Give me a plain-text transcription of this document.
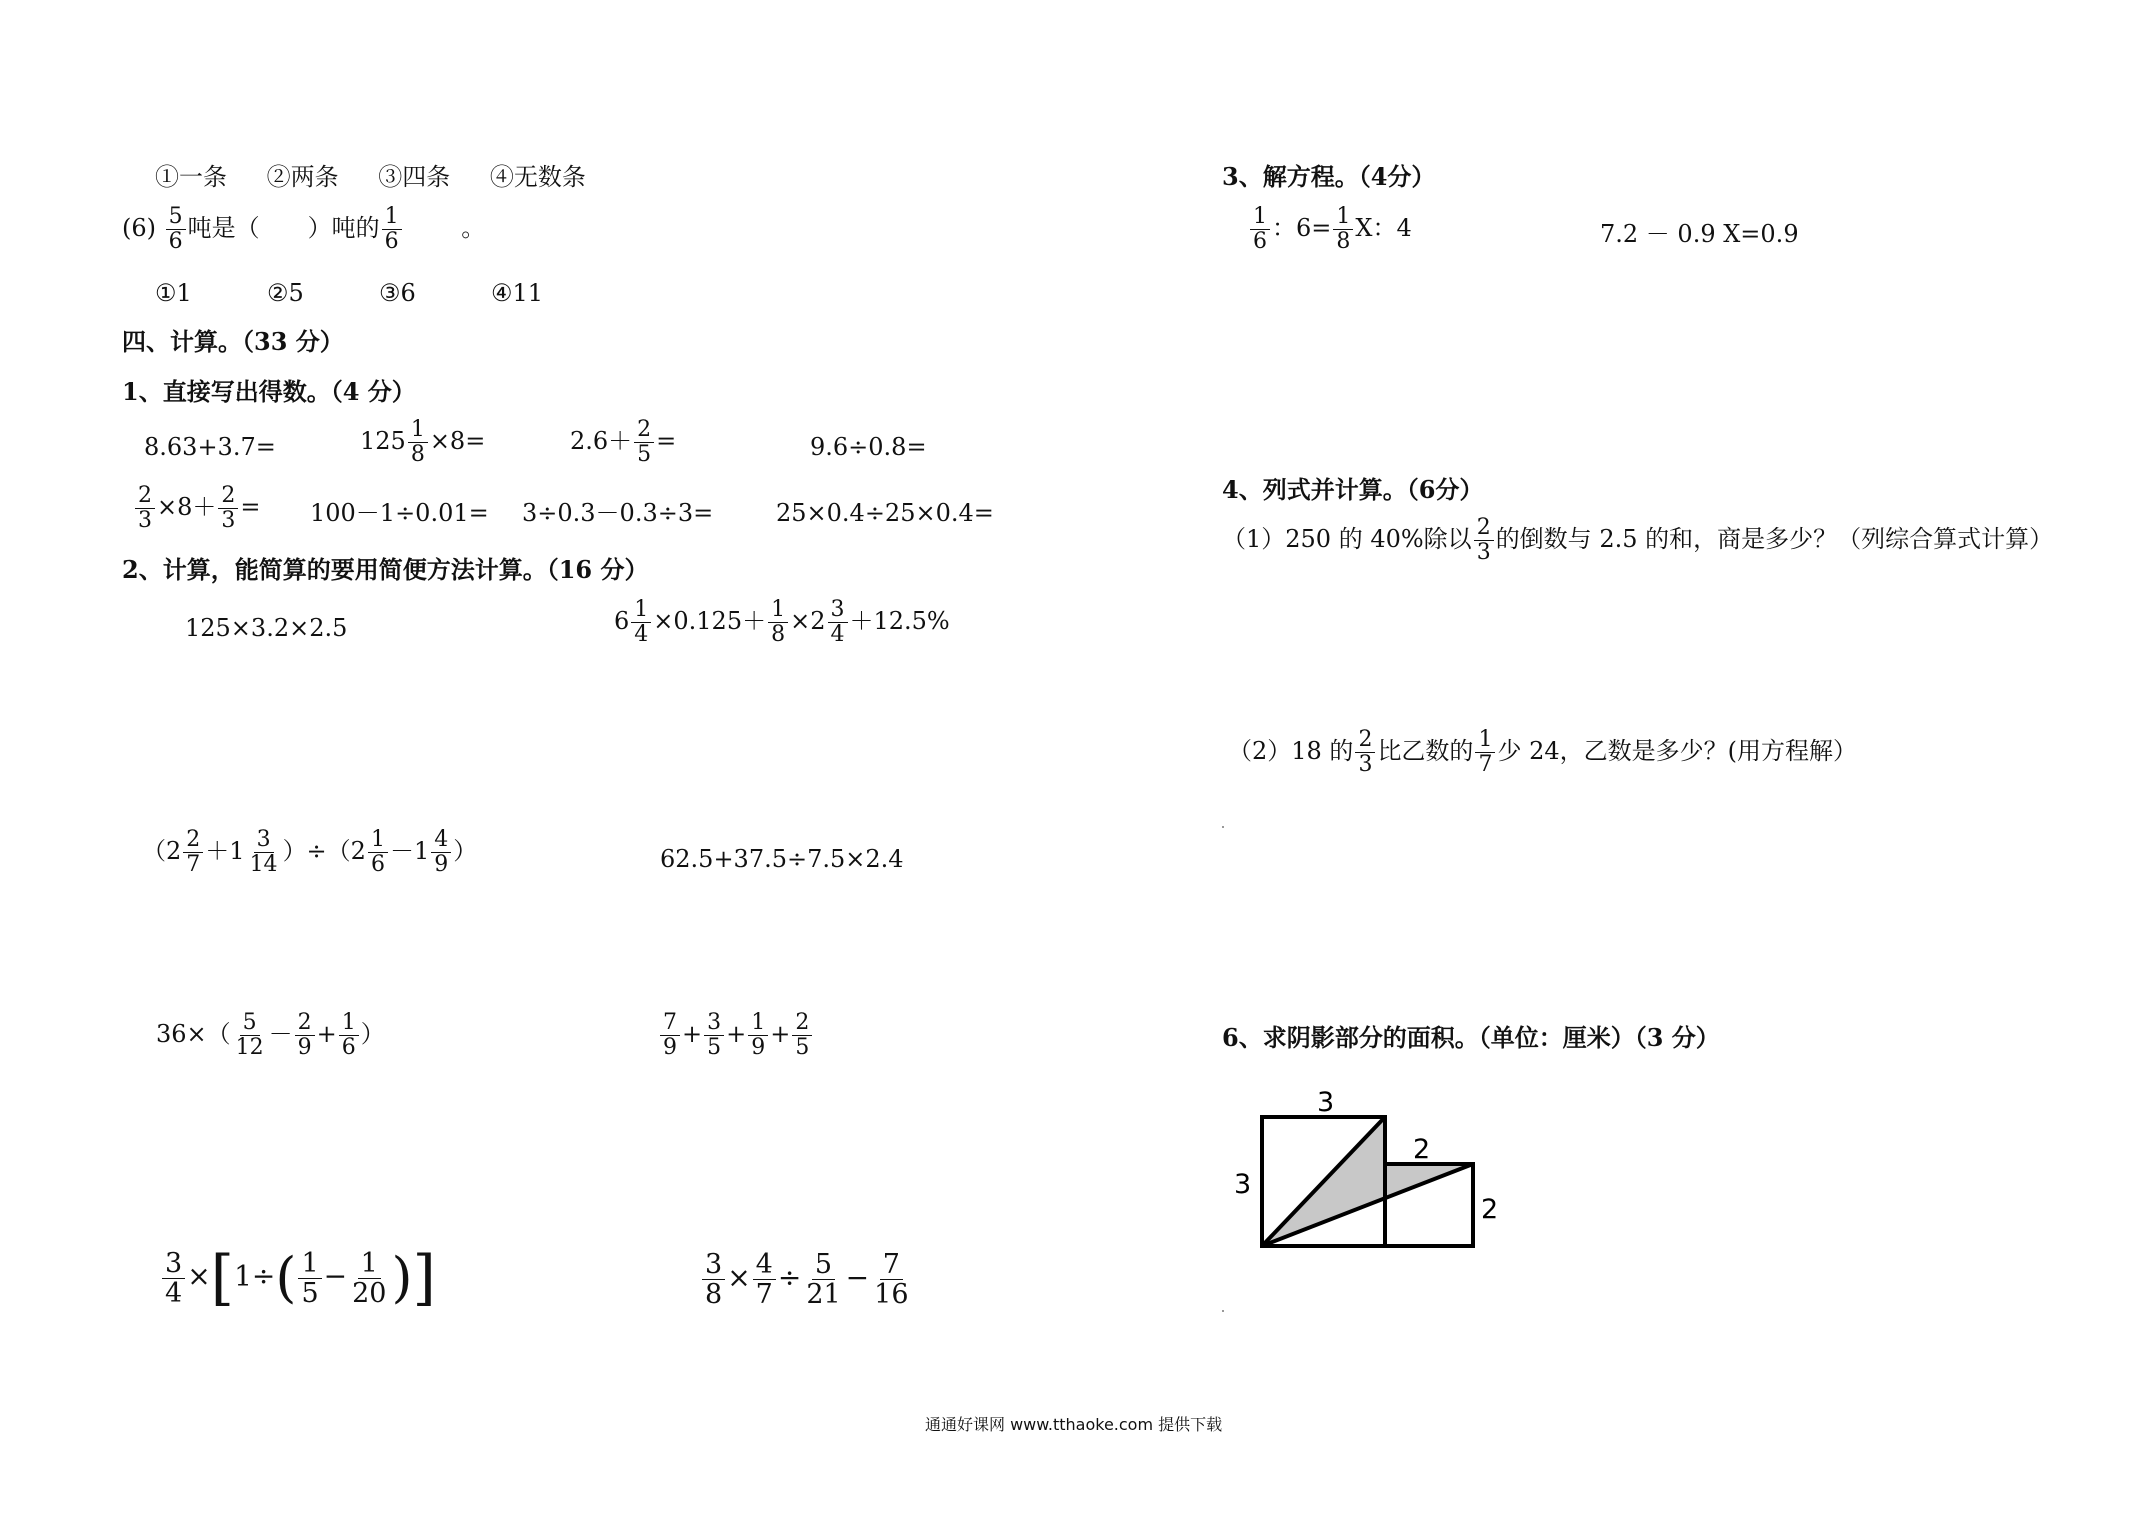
①一条 ②两条 ③四条 ④无数条
$(6) \frac{5}{6}$ 吨是（　　）吨的 $\frac{1}{6}$ 。
①1	②5	③6	④11
四、计算。（33 分）
1、直接写出得数。（4 分）
8.63+3.7=	$125 \frac{1}{8} \times 8=$	$2.6+ \frac{2}{5}$ =	9.6÷0.8=
$\frac{2}{3} \times 8+ \frac{2}{3} = 100-1\div 0.01= 3\div 0.3-0.3\div 3=$	25×0.4÷25×0.4=
2、计算，能简算的要用简便方法计算。（16 分）
125×3.2×2.5	$6 \frac{1}{4} \times 0.125+ \frac{1}{8} \times 2 \frac{3}{4} +12.5\%$
$(2 \frac{2}{7} +1 \frac{3}{14} )\div(2 \frac{1}{6} -1 \frac{4}{9}$ ）	62.5+37.5÷7.5×2.4
$36\times( \frac{5}{12} - \frac{2}{9} + \frac{1}{6}$ ）	$\frac{7}{9} + \frac{3}{5} + \frac{1}{9} + \frac{2}{5}$
$\frac{3}{4} \times[1\div( \frac{1}{5} - \frac{1}{20}$ )]	$\frac{3}{8} \times \frac{4}{7} \div \frac{5}{21} - \frac{7}{16}$
3、解方程。（4分）
$\frac{1}{6}$ ：$6= \frac{1}{8}$ X：4	7.2 － 0.9 X=0.9
4、列式并计算。（6分）
（1）250 的 40%除以 $\frac{2}{3}$ 的倒数与 2.5 的和，商是多少？（列综合算式计算）
（2）18 的 $\frac{2}{3}$ 比乙数的 $\frac{1}{7}$ 少 24，乙数是多少？(用方程解）
6、求阴影部分的面积。（单位：厘米）（3 分）
3
3
2
2
通通好课网 www.tthaoke.com 提供下载
